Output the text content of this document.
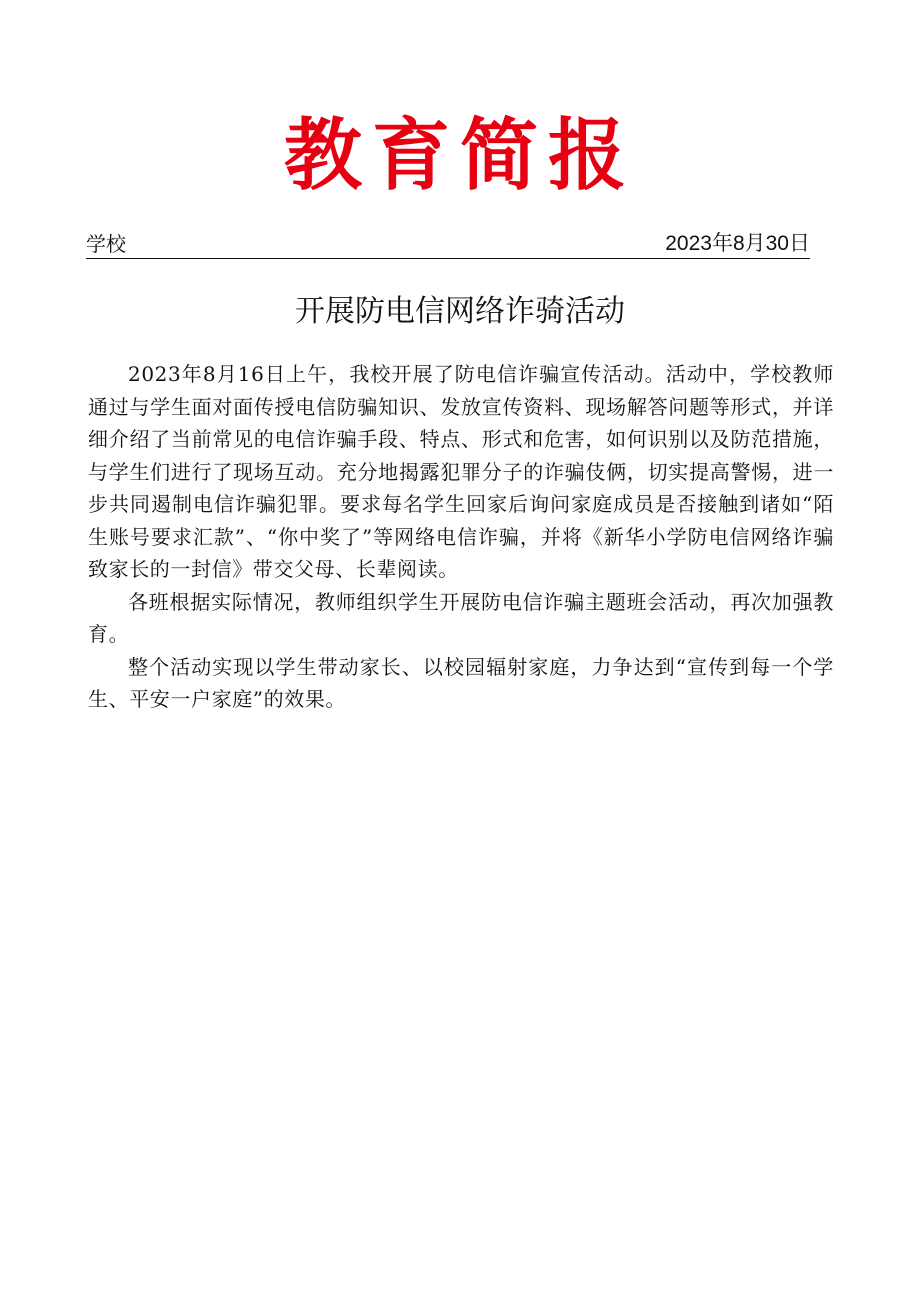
教育简报
学校	2023年8月30日
开展防电信网络诈骑活动

2023年8月16日上午，我校开展了防电信诈骗宣传活动。活动中，学校教师通过与学生面对面传授电信防骗知识、发放宣传资料、现场解答问题等形式，并详细介绍了当前常见的电信诈骗手段、特点、形式和危害，如何识别以及防范措施，与学生们进行了现场互动。充分地揭露犯罪分子的诈骗伎俩，切实提高警惕，进一步共同遏制电信诈骗犯罪。要求每名学生回家后询问家庭成员是否接触到诸如“陌生账号要求汇款”、“你中奖了”等网络电信诈骗，并将《新华小学防电信网络诈骗致家长的一封信》带交父母、长辈阅读。

各班根据实际情况，教师组织学生开展防电信诈骗主题班会活动，再次加强教育。

整个活动实现以学生带动家长、以校园辐射家庭，力争达到“宣传到每一个学生、平安一户家庭”的效果。
